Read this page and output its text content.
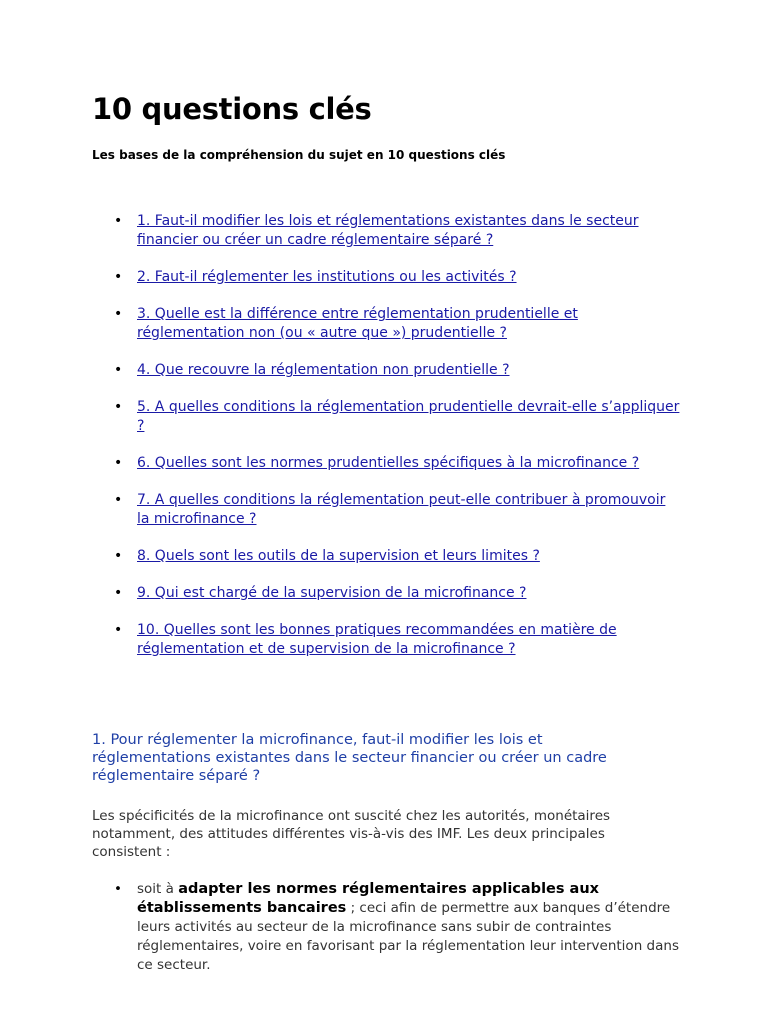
10 questions clés

Les bases de la compréhension du sujet en 10 questions clés

• 1. Faut-il modifier les lois et réglementations existantes dans le secteur financier ou créer un cadre réglementaire séparé ?
• 2. Faut-il réglementer les institutions ou les activités ?
• 3. Quelle est la différence entre réglementation prudentielle et réglementation non (ou « autre que ») prudentielle ?
• 4. Que recouvre la réglementation non prudentielle ?
• 5. A quelles conditions la réglementation prudentielle devrait-elle s’appliquer ?
• 6. Quelles sont les normes prudentielles spécifiques à la microfinance ?
• 7. A quelles conditions la réglementation peut-elle contribuer à promouvoir la microfinance ?
• 8. Quels sont les outils de la supervision et leurs limites ?
• 9. Qui est chargé de la supervision de la microfinance ?
• 10. Quelles sont les bonnes pratiques recommandées en matière de réglementation et de supervision de la microfinance ?
1. Pour réglementer la microfinance, faut-il modifier les lois et réglementations existantes dans le secteur financier ou créer un cadre réglementaire séparé ?

Les spécificités de la microfinance ont suscité chez les autorités, monétaires notamment, des attitudes différentes vis-à-vis des IMF. Les deux principales consistent :

• soit à adapter les normes réglementaires applicables aux établissements bancaires ; ceci afin de permettre aux banques d’étendre leurs activités au secteur de la microfinance sans subir de contraintes réglementaires, voire en favorisant par la réglementation leur intervention dans ce secteur.
